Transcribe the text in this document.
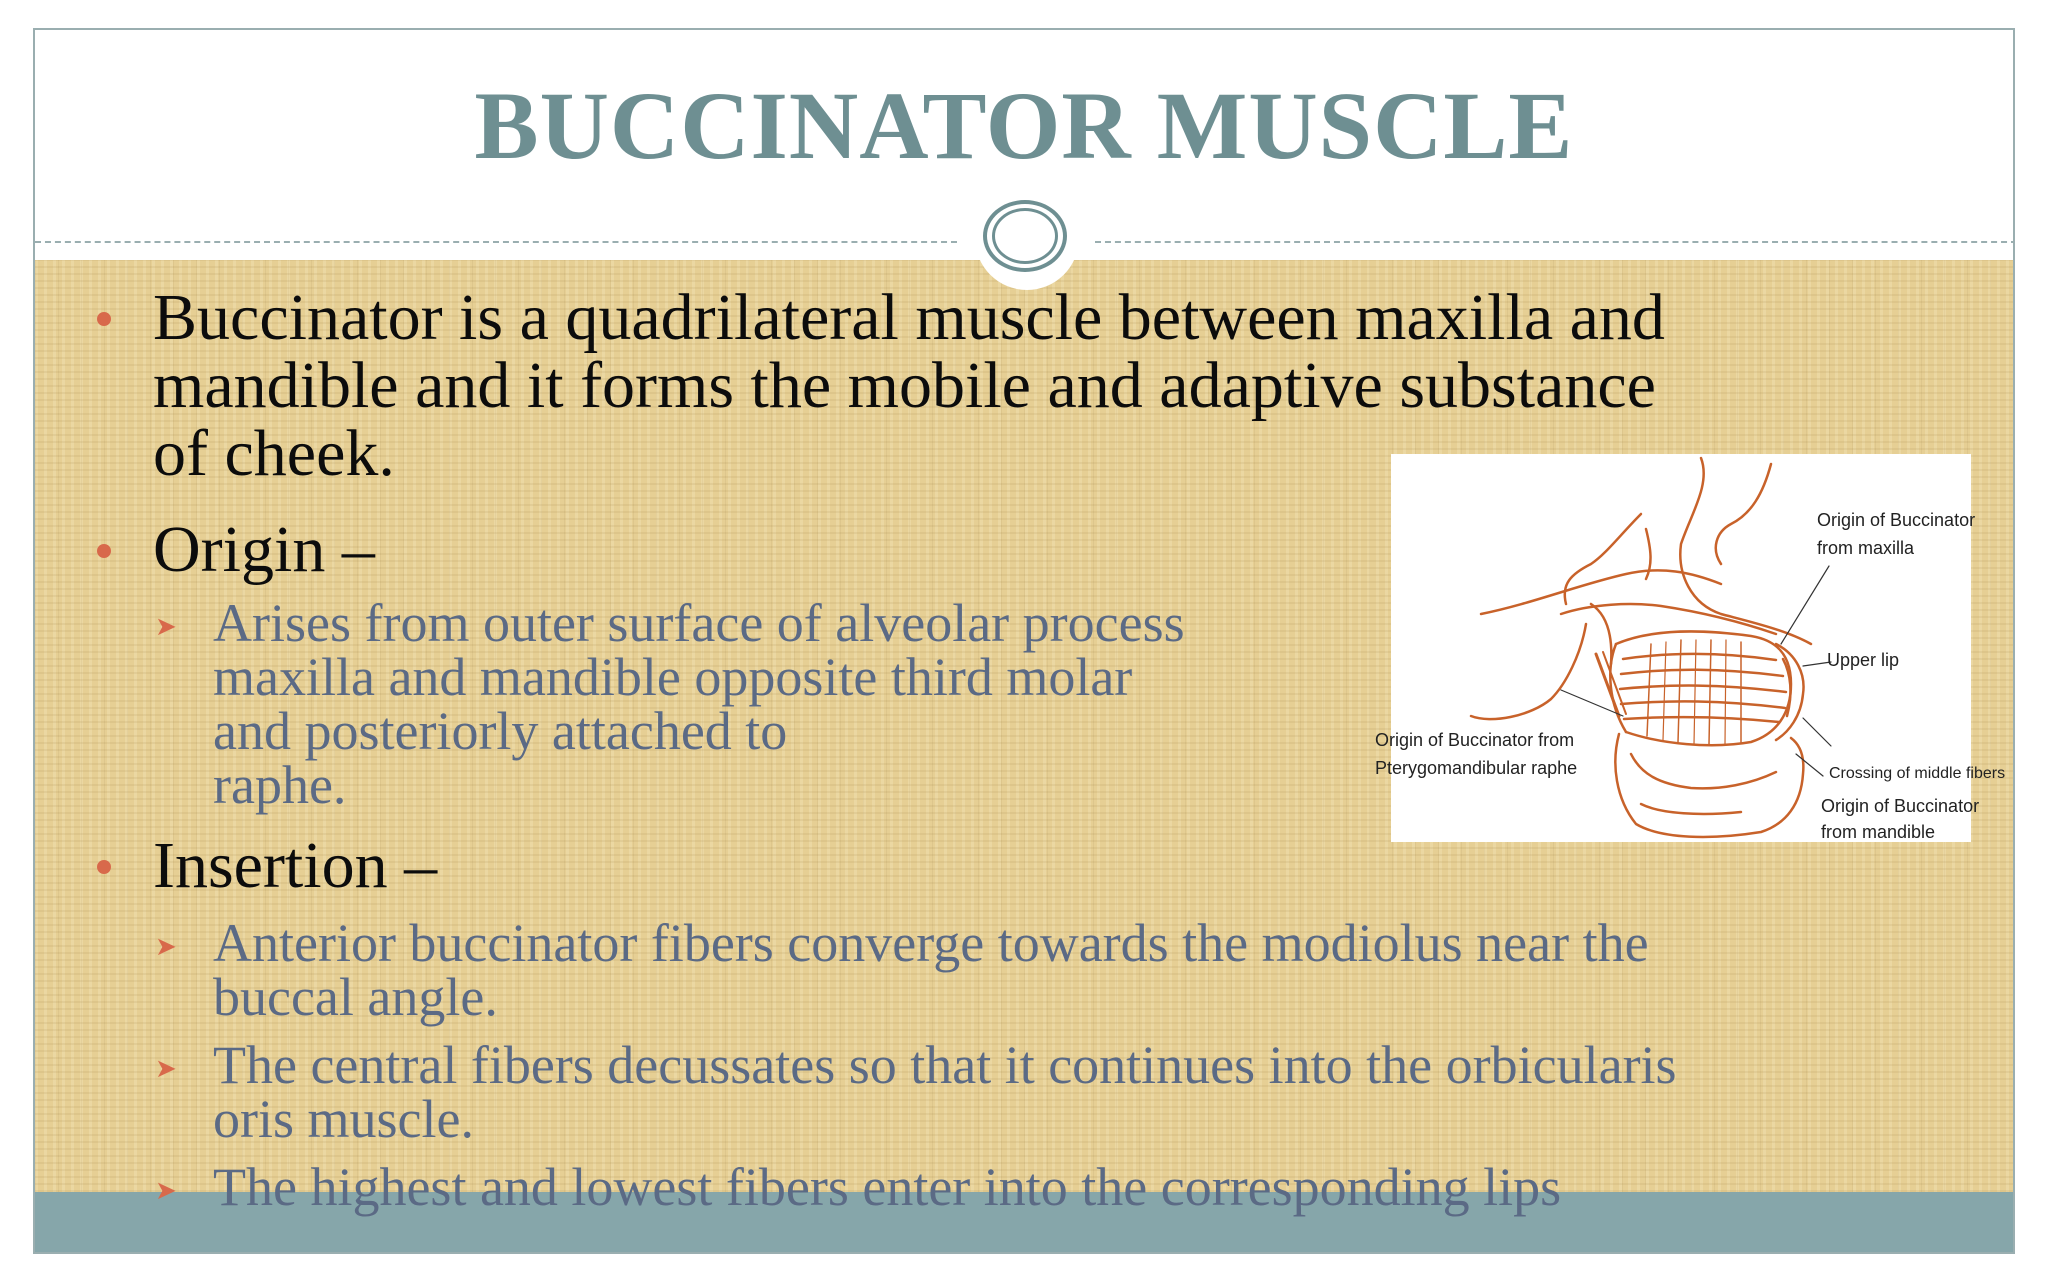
BUCCINATOR MUSCLE

Buccinator is a quadrilateral muscle between maxilla and

mandible and it forms the mobile and adaptive substance

of cheek.

Origin –

➤ Arises from outer surface of alveolar process

maxilla and mandible opposite third molar

and posteriorly attached to

raphe.

Insertion –

➤ Anterior buccinator fibers converge towards the modiolus near the

buccal angle.

➤ The central fibers decussates so that it continues into the orbicularis

oris muscle.

➤ The highest and lowest fibers enter into the corresponding lips

Origin of Buccinator
from maxilla
Upper lip
Origin of Buccinator from
Pterygomandibular raphe	Crossing of middle fibers
Origin of Buccinator
from mandible
